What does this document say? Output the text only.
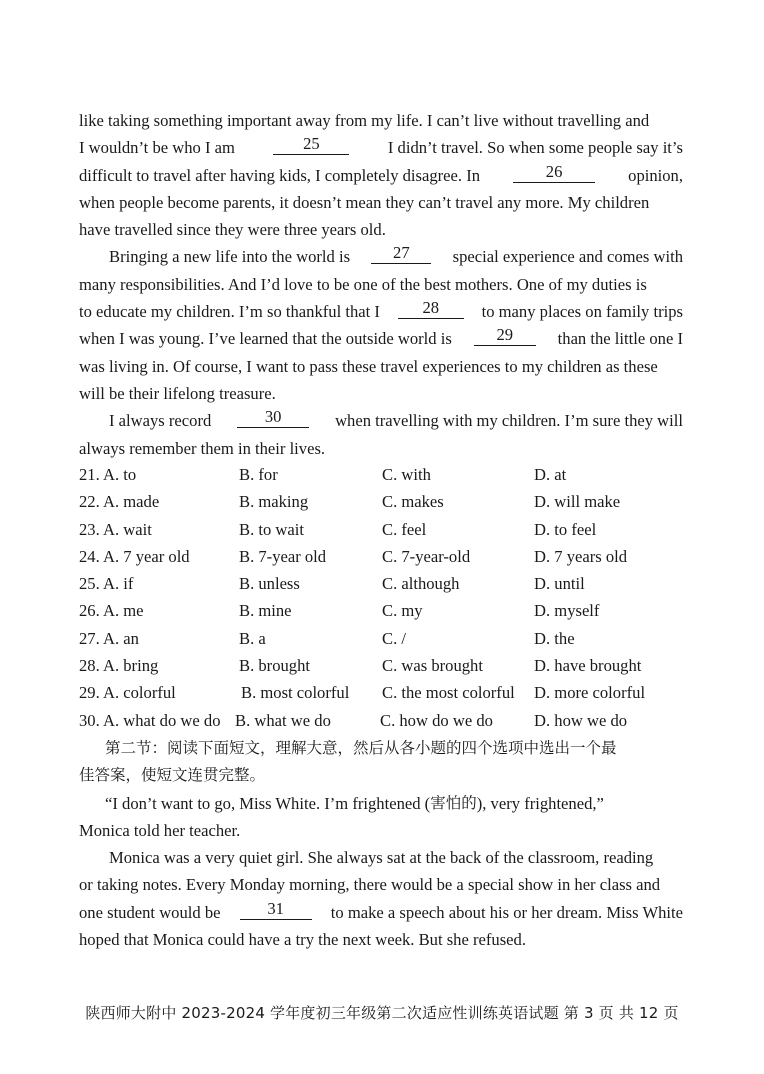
like taking something important away from my life. I can’t live without travelling and
I wouldn’t be who I am	25	I didn’t travel. So when some people say it’s
difficult to travel after having kids, I completely disagree. In	26	opinion,
when people become parents, it doesn’t mean they can’t travel any more. My children
have travelled since they were three years old.
Bringing a new life into the world is	27	special experience and comes with
many responsibilities. And I’d love to be one of the best mothers. One of my duties is
to educate my children. I’m so thankful that I	28	to many places on family trips
when I was young. I’ve learned that the outside world is	29	than the little one I
was living in. Of course, I want to pass these travel experiences to my children as these
will be their lifelong treasure.
I always record	30	when travelling with my children. I’m sure they will
always remember them in their lives.
21. A. to	B. for	C. with	D. at
22. A. made	B. making	C. makes	D. will make
23. A. wait	B. to wait	C. feel	D. to feel
24. A. 7 year old	B. 7-year old	C. 7-year-old	D. 7 years old
25. A. if	B. unless	C. although	D. until
26. A. me	B. mine	C. my	D. myself
27. A. an	B. a	C. /	D. the
28. A. bring	B. brought	C. was brought	D. have brought
29. A. colorful	B. most colorful C. the most colorful D. more colorful
30. A. what do we do B. what we do	C. how do we do D. how we do
第二节：阅读下面短文，理解大意，然后从各小题的四个选项中选出一个最
佳答案，使短文连贯完整。
“I don’t want to go, Miss White. I’m frightened ( 害怕的 ), very frightened,”
Monica told her teacher.
Monica was a very quiet girl. She always sat at the back of the classroom, reading
or taking notes. Every Monday morning, there would be a special show in her class and
one student would be	31	to make a speech about his or her dream. Miss White
hoped that Monica could have a try the next week. But she refused.
陕西师大附中 2023-2024 学年度初三年级第二次适应性训练英语试题 第 3 页 共 12 页
